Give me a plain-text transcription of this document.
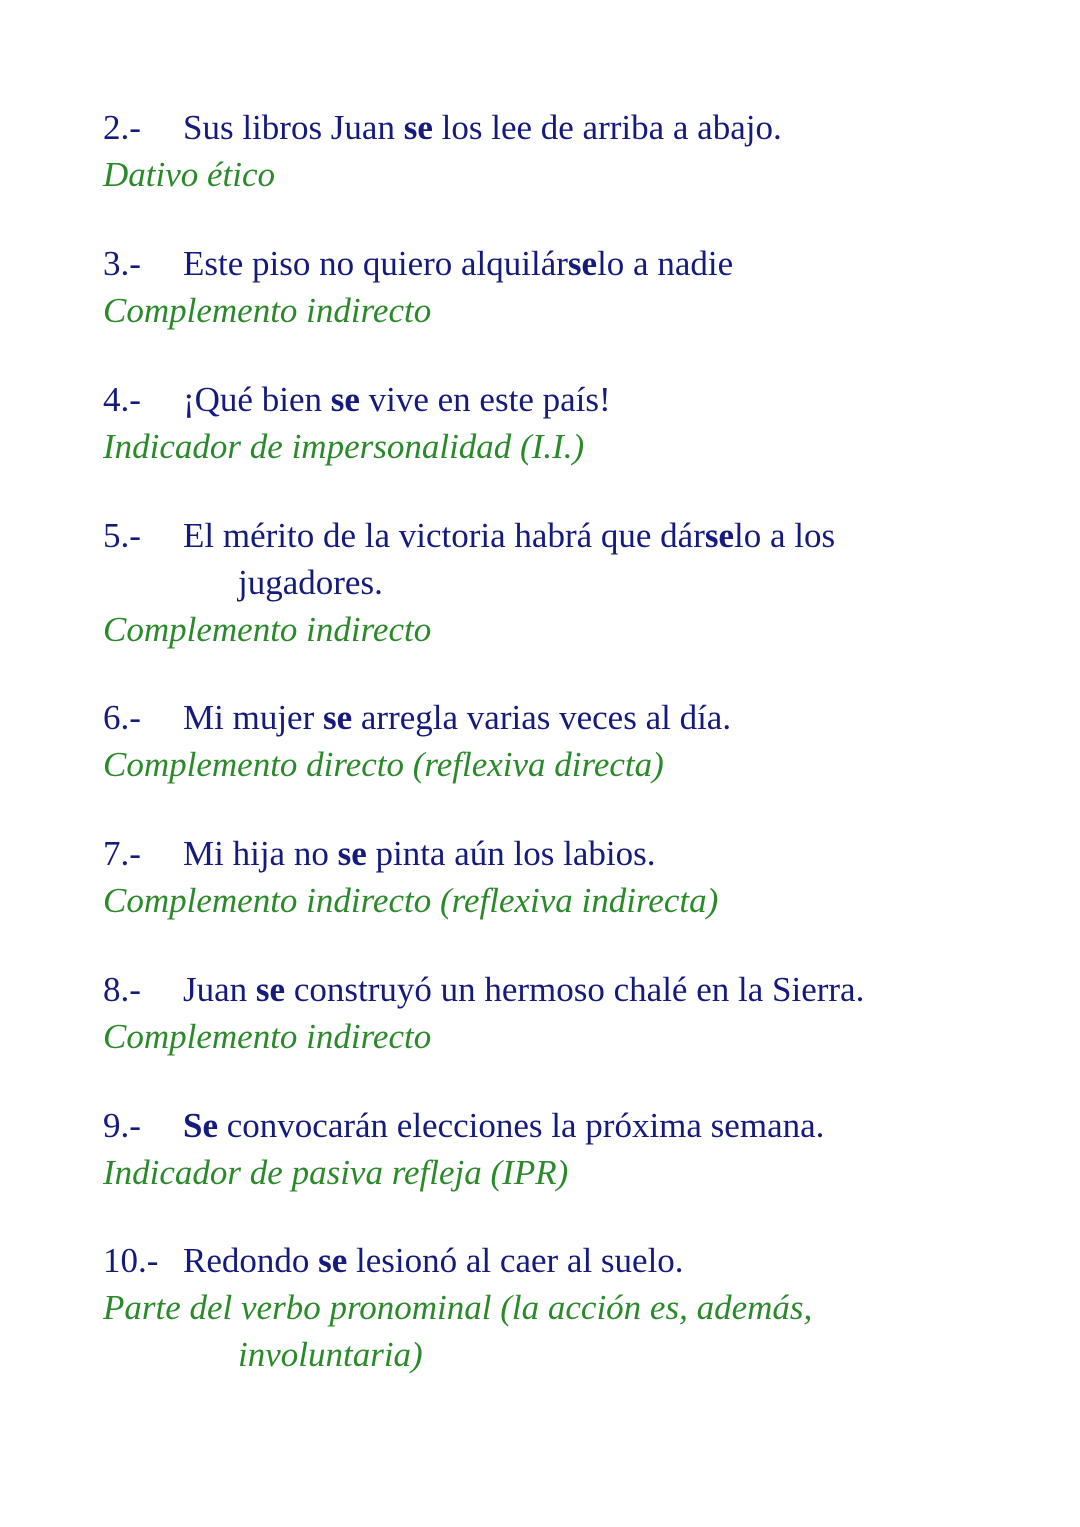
2.- Sus libros Juan se los lee de arriba a abajo.
Dativo ético
3.- Este piso no quiero alquilárselo a nadie
Complemento indirecto
4.- ¡Qué bien se vive en este país!
Indicador de impersonalidad (I.I.)
5.- El mérito de la victoria habrá que dárselo a los
jugadores.
Complemento indirecto
6.- Mi mujer se arregla varias veces al día.
Complemento directo (reflexiva directa)
7.- Mi hija no se pinta aún los labios.
Complemento indirecto (reflexiva indirecta)
8.- Juan se construyó un hermoso chalé en la Sierra.
Complemento indirecto
9.- Se convocarán elecciones la próxima semana.
Indicador de pasiva refleja (IPR)
10.- Redondo se lesionó al caer al suelo.
Parte del verbo pronominal (la acción es, además,
involuntaria)
